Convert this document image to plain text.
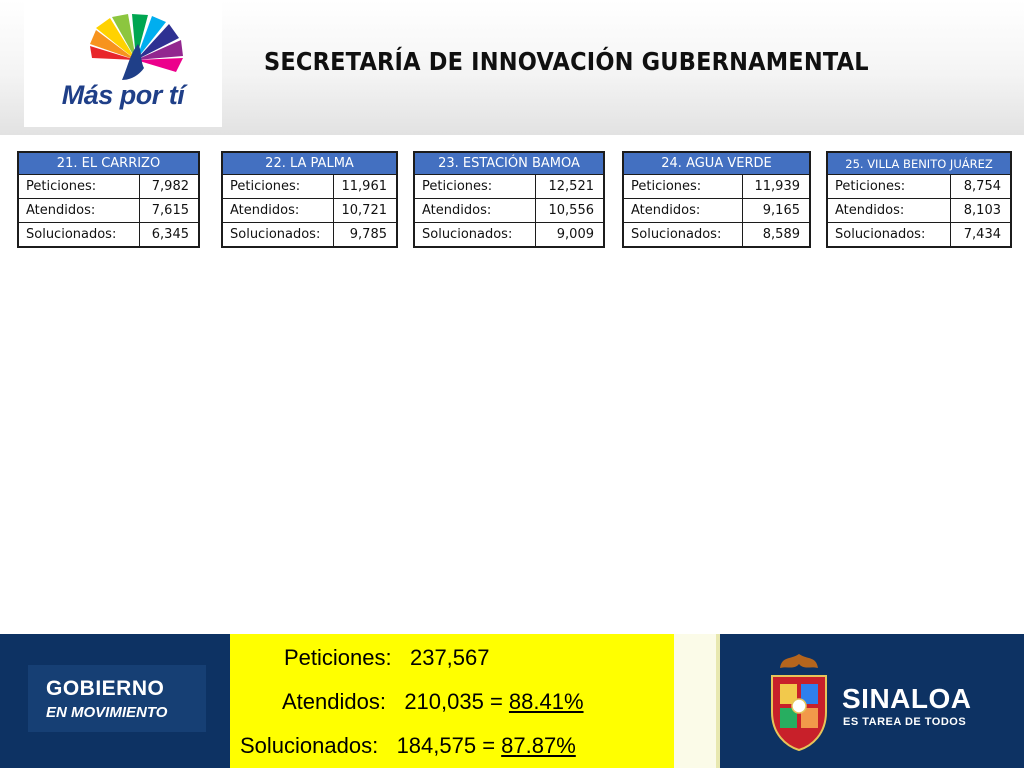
Más por tí
SECRETARÍA DE INNOVACIÓN GUBERNAMENTAL
21. EL CARRIZO	
Peticiones:	7,982
Atendidos:	7,615
Solucionados:	6,345
22. LA PALMA	
Peticiones:	11,961
Atendidos:	10,721
Solucionados:	9,785
23. ESTACIÓN BAMOA	
Peticiones:	12,521
Atendidos:	10,556
Solucionados:	9,009
24. AGUA VERDE	
Peticiones:	11,939
Atendidos:	9,165
Solucionados:	8,589
25. VILLA BENITO JUÁREZ	
Peticiones:	8,754
Atendidos:	8,103
Solucionados:	7,434
GOBIERNO
EN MOVIMIENTO
Peticiones: 237,567
Atendidos: 210,035 = 88.41%
Solucionados: 184,575 = 87.87%
SINALOA
ES TAREA DE TODOS
